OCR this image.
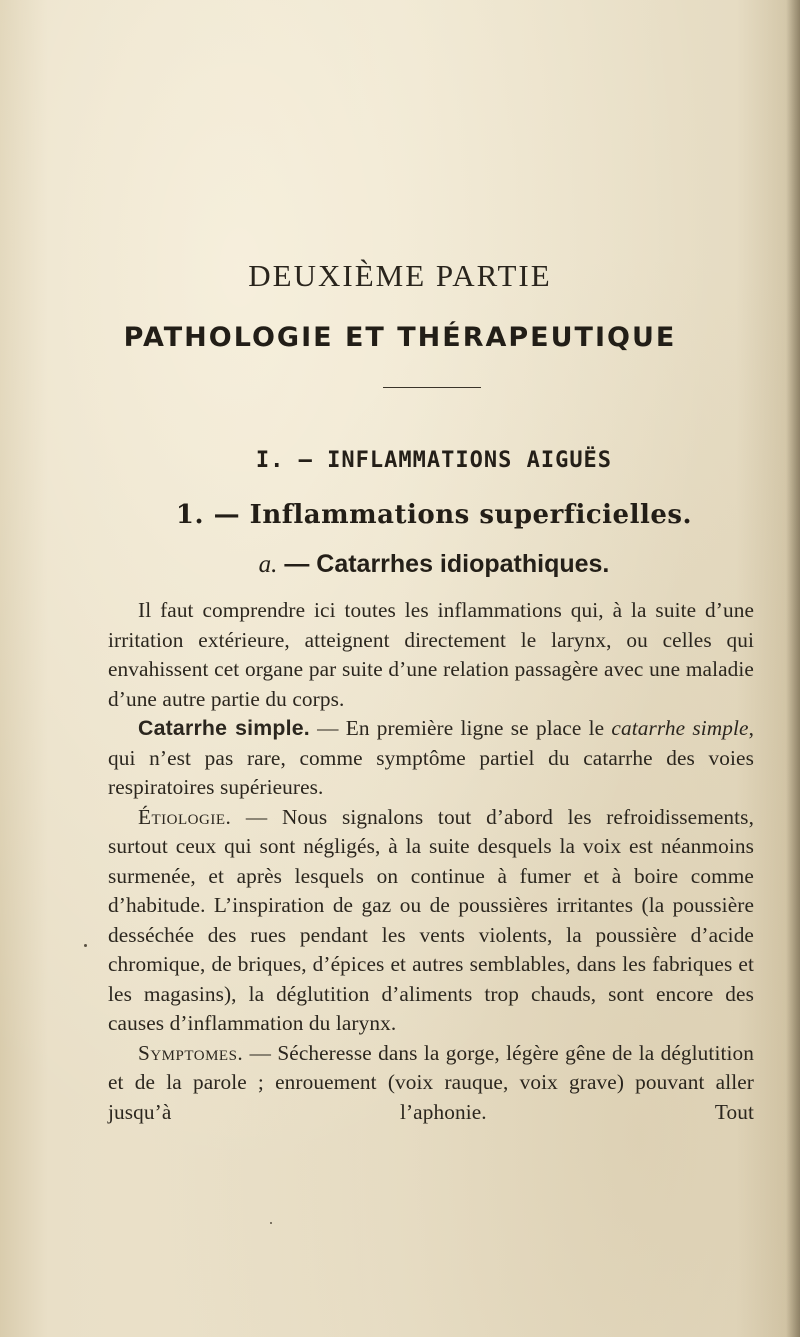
DEUXIÈME PARTIE
PATHOLOGIE ET THÉRAPEUTIQUE
I. — INFLAMMATIONS AIGUËS
1. — Inflammations superficielles.
a. — Catarrhes idiopathiques.

Il faut comprendre ici toutes les inflammations qui, à la suite d’une irritation extérieure, atteignent directement le larynx, ou celles qui envahissent cet organe par suite d’une relation passagère avec une maladie d’une autre partie du corps.

Catarrhe simple. — En première ligne se place le catarrhe simple, qui n’est pas rare, comme symptôme partiel du catarrhe des voies respiratoires supérieures.

Étiologie. — Nous signalons tout d’abord les refroidissements, surtout ceux qui sont négligés, à la suite desquels la voix est néanmoins surmenée, et après lesquels on continue à fumer et à boire comme d’habitude. L’inspiration de gaz ou de poussières irritantes (la poussière desséchée des rues pendant les vents violents, la poussière d’acide chromique, de briques, d’épices et autres semblables, dans les fabriques et les magasins), la déglutition d’aliments trop chauds, sont encore des causes d’inflammation du larynx.

Symptomes. — Sécheresse dans la gorge, légère gêne de la déglutition et de la parole ; enrouement (voix rauque, voix grave) pouvant aller jusqu’à l’aphonie. Tout
